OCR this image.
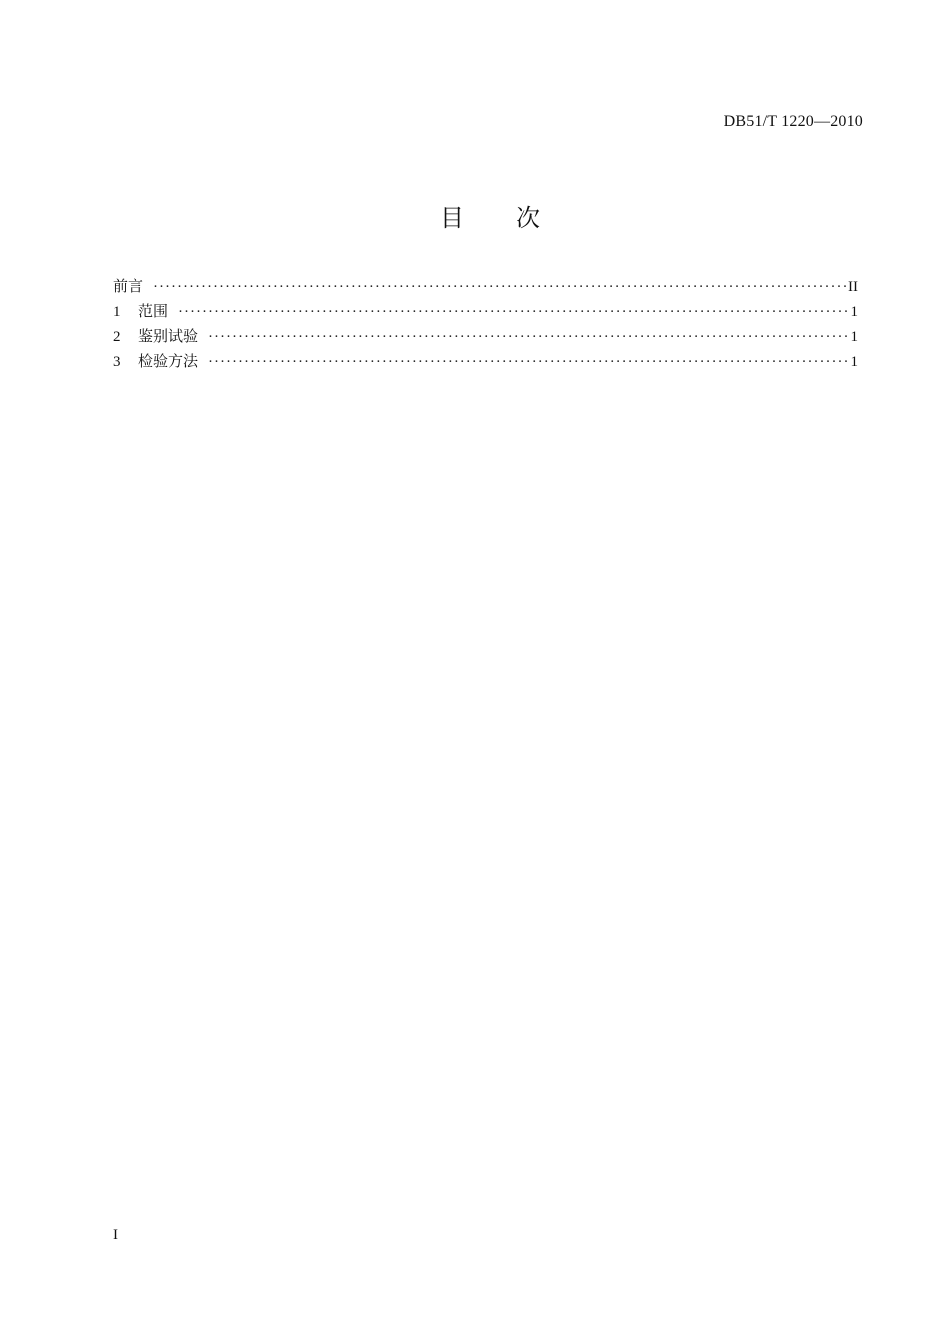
DB51/T 1220—2010
目 次
前言 ·····	II
1	范围 ·····	1
2	鉴别试验 ·····	1
3	检验方法 ·····	1
I
